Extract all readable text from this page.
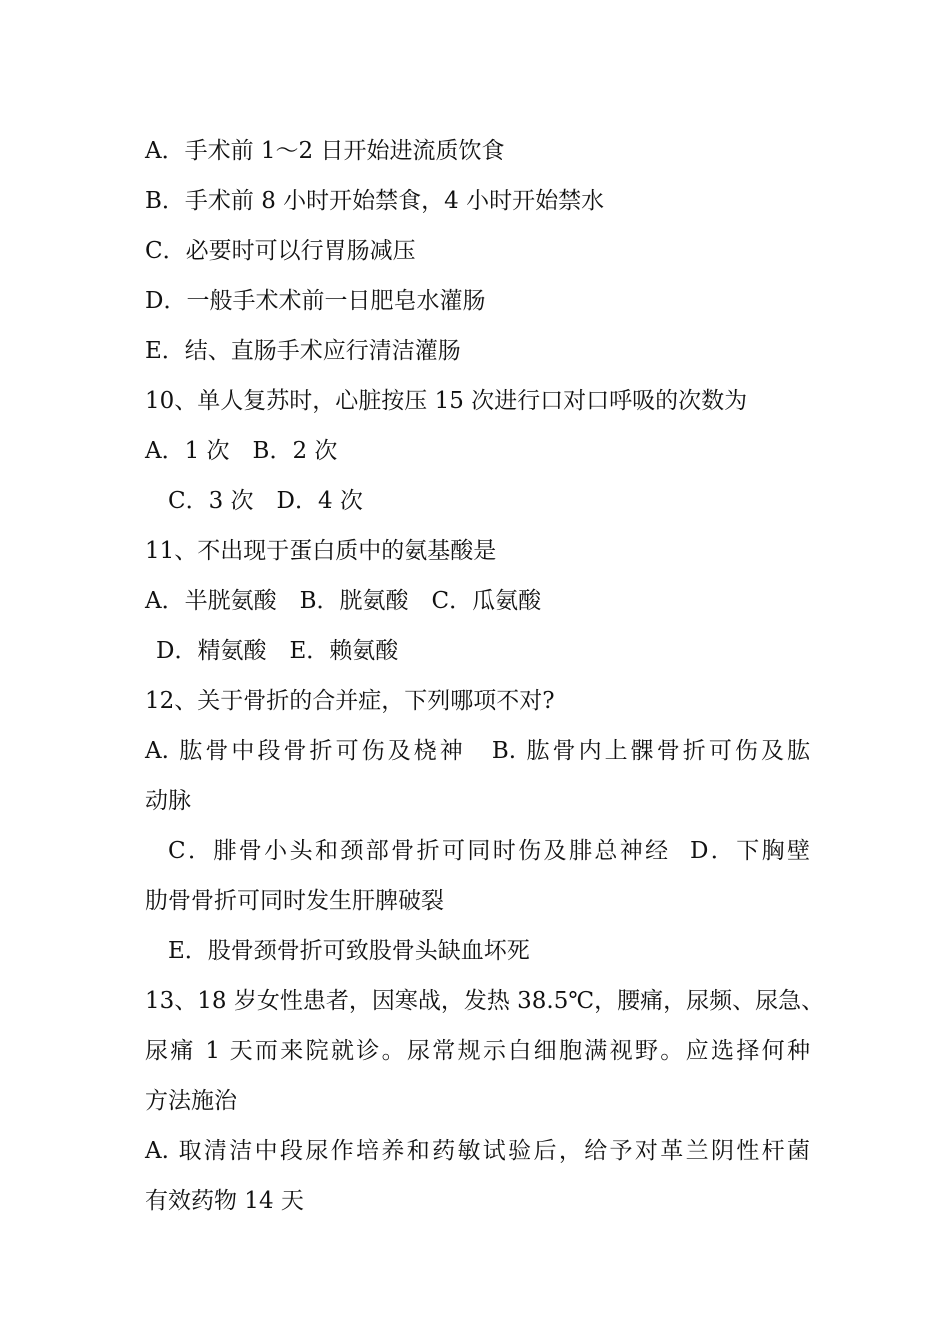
A．手术前 1～2 日开始进流质饮食
B．手术前 8 小时开始禁食，4 小时开始禁水
C．必要时可以行胃肠减压
D．一般手术术前一日肥皂水灌肠
E．结、直肠手术应行清洁灌肠
10、单人复苏时，心脏按压 15 次进行口对口呼吸的次数为
A．1 次　B．2 次
C．3 次　D．4 次
11、不出现于蛋白质中的氨基酸是
A．半胱氨酸　B．胱氨酸　C．瓜氨酸
D．精氨酸　E．赖氨酸
12、关于骨折的合并症，下列哪项不对?
A. 肱骨中段骨折可伤及桡神　B. 肱骨内上髁骨折可伤及肱
动脉
C．腓骨小头和颈部骨折可同时伤及腓总神经  D．下胸壁
肋骨骨折可同时发生肝脾破裂
E．股骨颈骨折可致股骨头缺血坏死
13、18 岁女性患者，因寒战，发热 38.5℃，腰痛，尿频、尿急、
尿痛 1 天而来院就诊。尿常规示白细胞满视野。应选择何种
方法施治
A. 取清洁中段尿作培养和药敏试验后，给予对革兰阴性杆菌
有效药物 14 天
